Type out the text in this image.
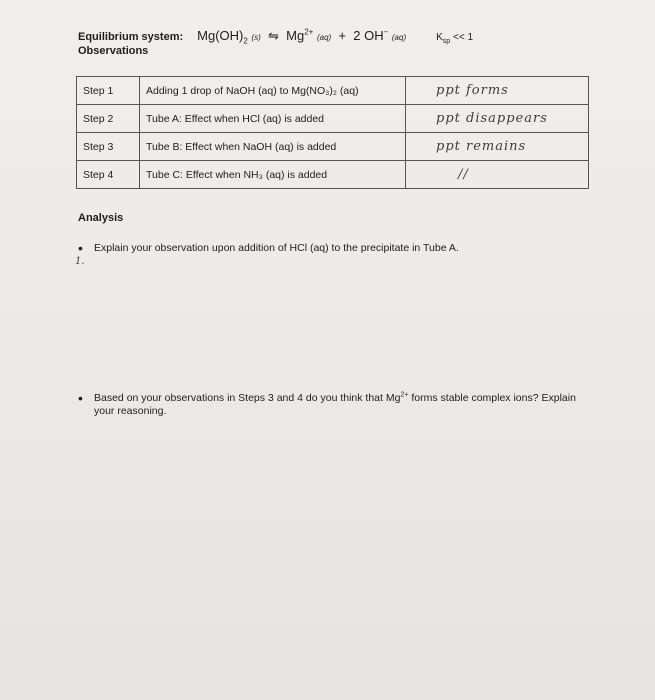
Equilibrium system: $Mg(OH)_2$ (s) ⇋ $Mg^{2+}$ (aq) + 2 OH− (aq)	$K_{sp} << 1$
Observations
Step 1	Adding 1 drop of NaOH (aq) to Mg(NO₃)₂ (aq)	ppt forms
Step 2	Tube A: Effect when HCl (aq) is added	ppt disappears
Step 3	Tube B: Effect when NaOH (aq) is added	ppt remains
Step 4	Tube C: Effect when NH₃ (aq) is added	//
Analysis
•	Explain your observation upon addition of HCl (aq) to the precipitate in Tube A.
1.
•	Based on your observations in Steps 3 and 4 do you think that $Mg^{2+}$ forms stable complex ions? Explain your reasoning.
